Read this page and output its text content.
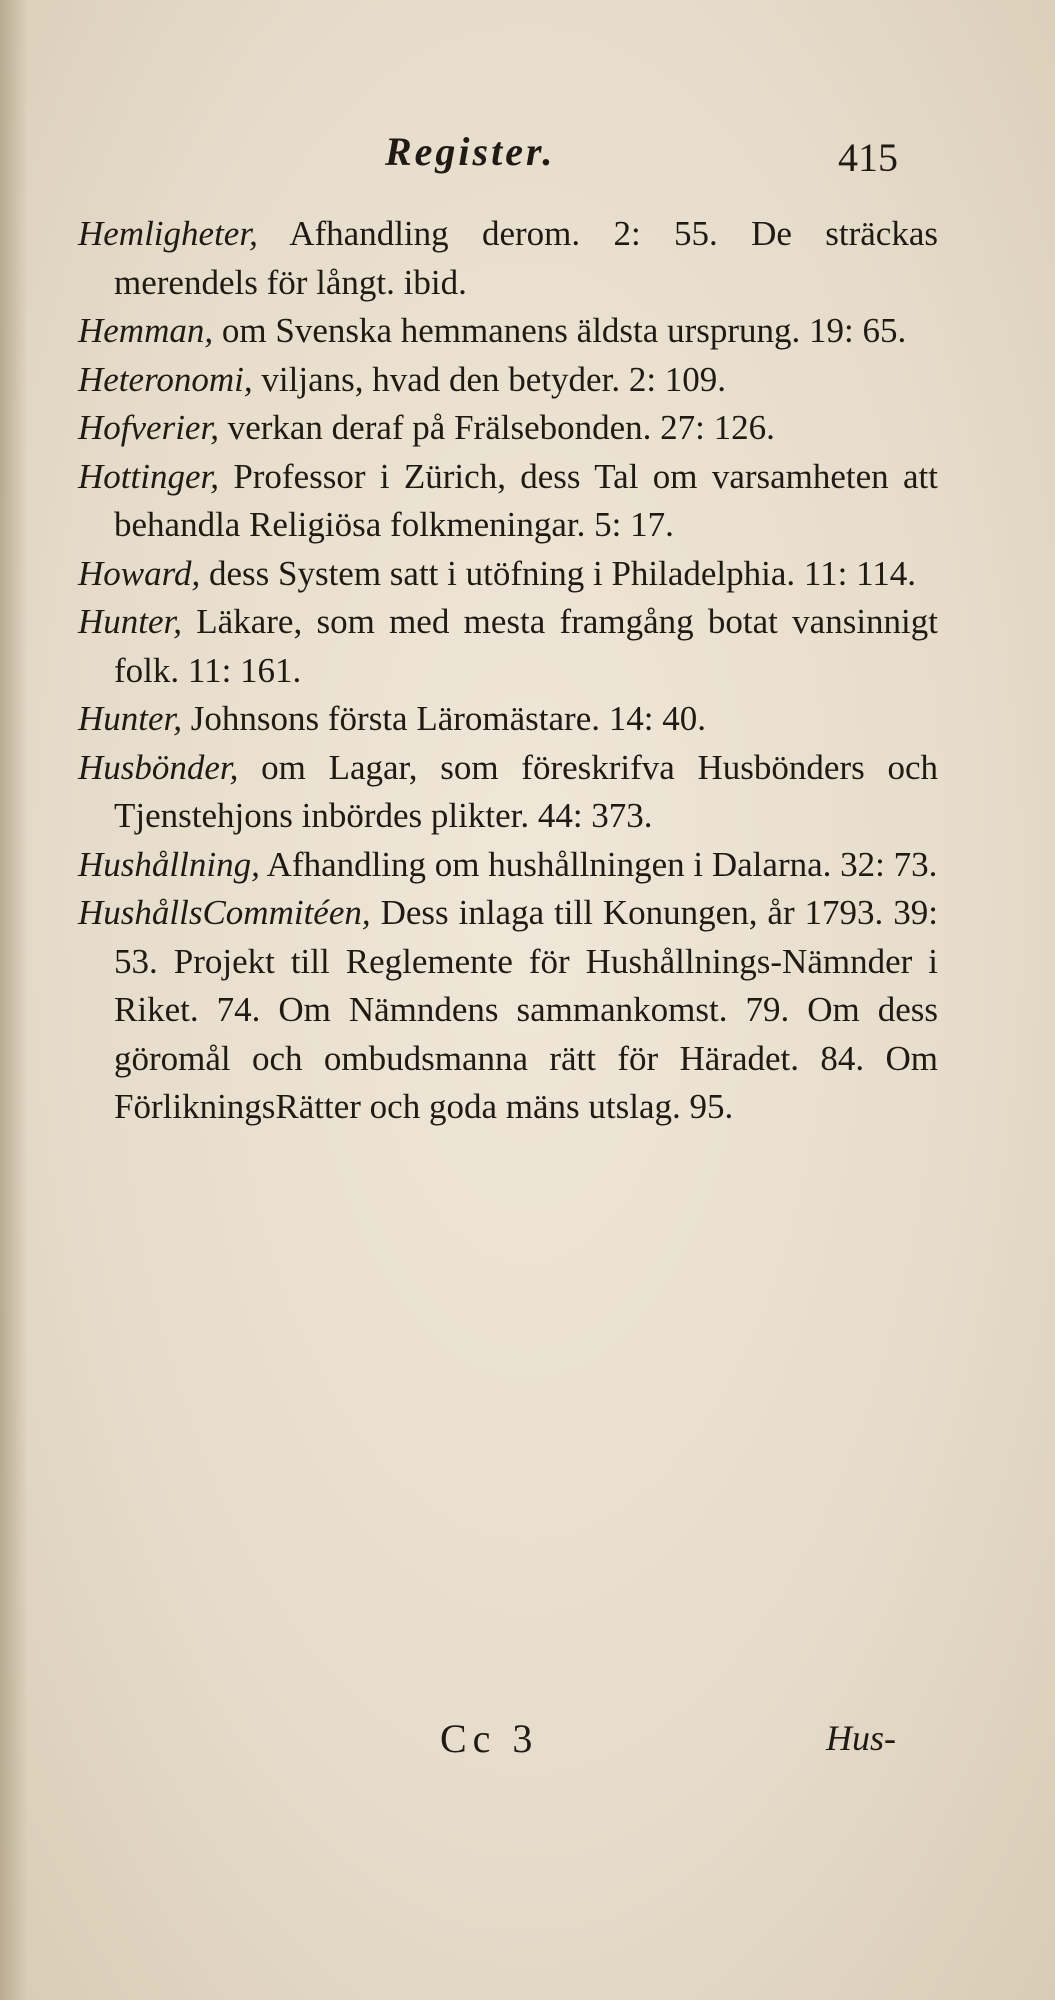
Register.	415

Hemligheter, Afhandling derom. 2: 55. De sträckas merendels för långt. ibid.

Hemman, om Svenska hemmanens äldsta ursprung. 19: 65.

Heteronomi, viljans, hvad den betyder. 2: 109.

Hofverier, verkan deraf på Frälsebonden. 27: 126.

Hottinger, Professor i Zürich, dess Tal om varsamheten att behandla Religiösa folkmeningar. 5: 17.

Howard, dess System satt i utöfning i Philadelphia. 11: 114.

Hunter, Läkare, som med mesta framgång botat vansinnigt folk. 11: 161.

Hunter, Johnsons första Läromästare. 14: 40.

Husbönder, om Lagar, som föreskrifva Husbönders och Tjenstehjons inbördes plikter. 44: 373.

Hushållning, Afhandling om hushållningen i Dalarna. 32: 73.

HushållsCommitéen, Dess inlaga till Konungen, år 1793. 39: 53. Projekt till Reglemente för Hushållnings-Nämnder i Riket. 74. Om Nämndens sammankomst. 79. Om dess göromål och ombudsmanna rätt för Häradet. 84. Om FörlikningsRätter och goda mäns utslag. 95.

Cc 3	Hus-
